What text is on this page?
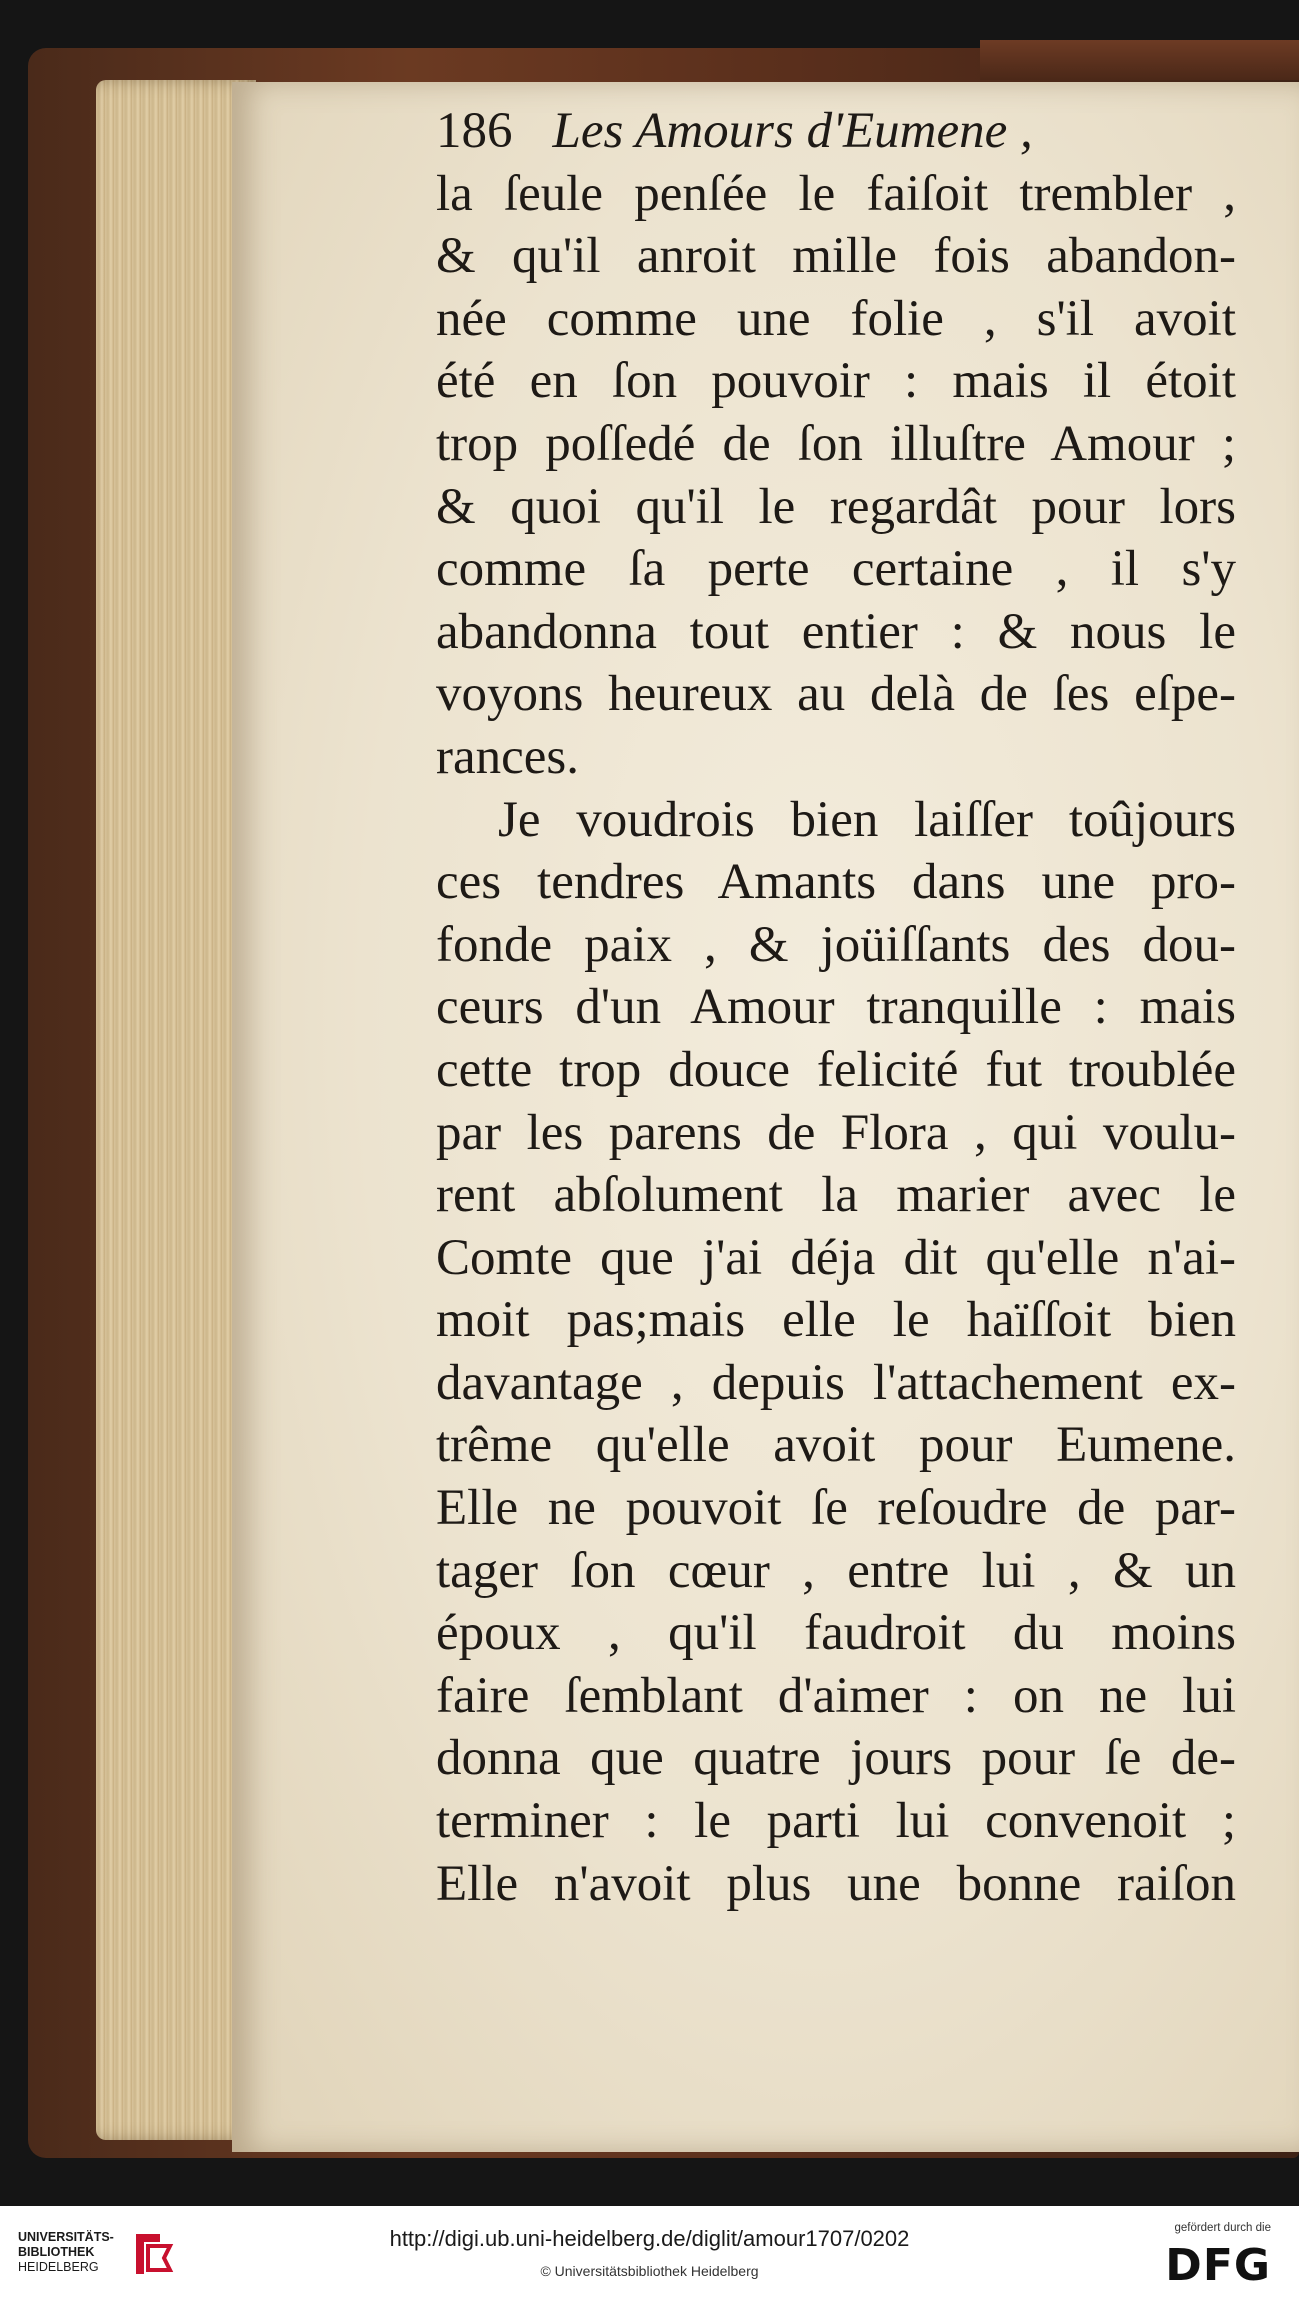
186 Les Amours d'Eumene ,
la ſeule penſée le faiſoit trembler ,
& qu'il anroit mille fois abandon-
née comme une folie , s'il avoit
été en ſon pouvoir : mais il étoit
trop poſſedé de ſon illuſtre Amour ;
& quoi qu'il le regardât pour lors
comme ſa perte certaine , il s'y
abandonna tout entier : & nous le
voyons heureux au delà de ſes eſpe-
rances.
Je voudrois bien laiſſer toûjours
ces tendres Amants dans une pro-
fonde paix , & joüiſſants des dou-
ceurs d'un Amour tranquille : mais
cette trop douce felicité fut troublée
par les parens de Flora , qui voulu-
rent abſolument la marier avec le
Comte que j'ai déja dit qu'elle n'ai-
moit pas;mais elle le haïſſoit bien
davantage , depuis l'attachement ex-
trême qu'elle avoit pour Eumene.
Elle ne pouvoit ſe reſoudre de par-
tager ſon cœur , entre lui , & un
époux , qu'il faudroit du moins
faire ſemblant d'aimer : on ne lui
donna que quatre jours pour ſe de-
terminer : le parti lui convenoit ;
Elle n'avoit plus une bonne raiſon
UNIVERSITÄTS-
BIBLIOTHEK
HEIDELBERG
http://digi.ub.uni-heidelberg.de/diglit/amour1707/0202
© Universitätsbibliothek Heidelberg
gefördert durch die
DFG
